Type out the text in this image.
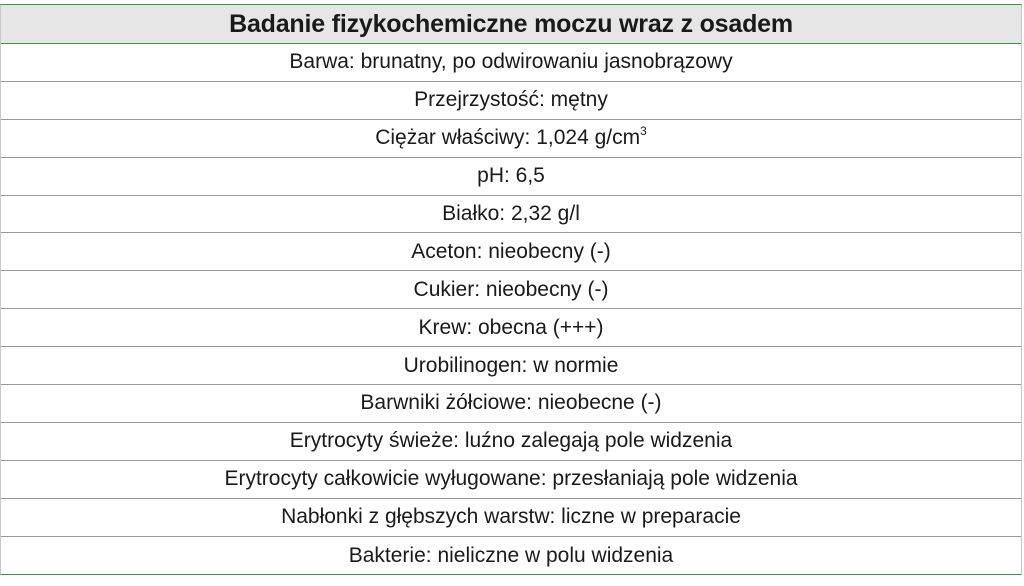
Badanie fizykochemiczne moczu wraz z osadem
Barwa: brunatny, po odwirowaniu jasnobrązowy
Przejrzystość: mętny
Ciężar właściwy: 1,024 $g/cm^3$
pH: 6,5
Białko: 2,32 g/l
Aceton: nieobecny (-)
Cukier: nieobecny (-)
Krew: obecna (+++)
Urobilinogen: w normie
Barwniki żółciowe: nieobecne (-)
Erytrocyty świeże: luźno zalegają pole widzenia
Erytrocyty całkowicie wyługowane: przesłaniają pole widzenia
Nabłonki z głębszych warstw: liczne w preparacie
Bakterie: nieliczne w polu widzenia
